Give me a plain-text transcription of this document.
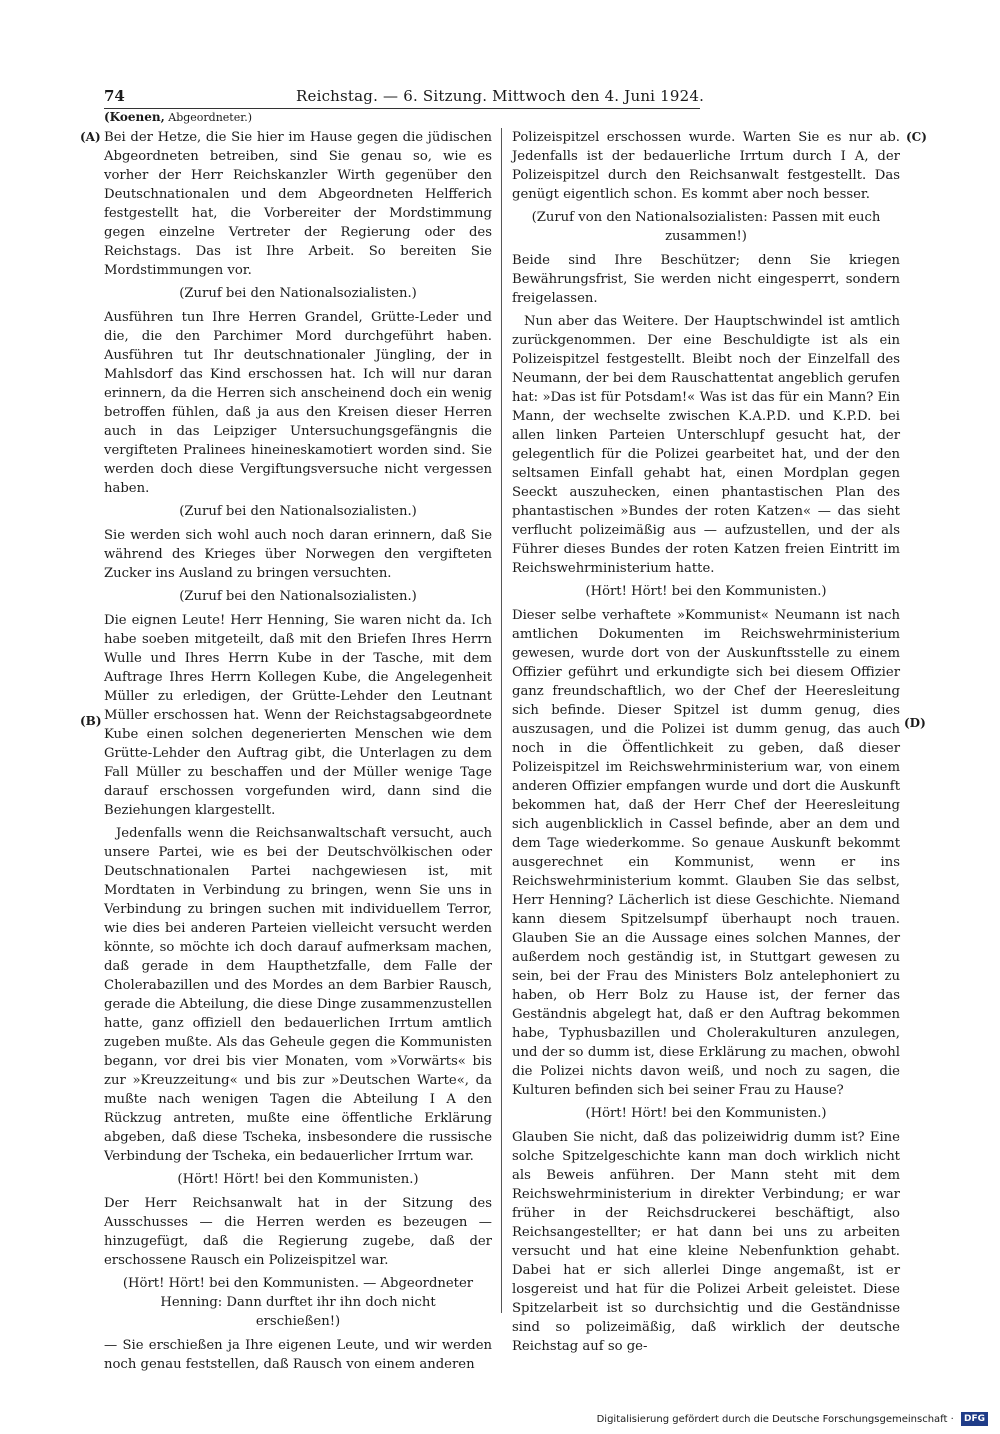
74	Reichstag. — 6. Sitzung. Mittwoch den 4. Juni 1924.
(Koenen, Abgeordneter.)
(A)
(B)
(C)
(D)

Bei der Hetze, die Sie hier im Hause gegen die jüdischen Abgeordneten betreiben, sind Sie genau so, wie es vorher der Herr Reichskanzler Wirth gegenüber den Deutschnationalen und dem Abgeordneten Helfferich festgestellt hat, die Vorbereiter der Mordstimmung gegen einzelne Vertreter der Regierung oder des Reichstags. Das ist Ihre Arbeit. So bereiten Sie Mordstimmungen vor.

(Zuruf bei den Nationalsozialisten.)

Ausführen tun Ihre Herren Grandel, Grütte-Leder und die, die den Parchimer Mord durchgeführt haben. Ausführen tut Ihr deutschnationaler Jüngling, der in Mahlsdorf das Kind erschossen hat. Ich will nur daran erinnern, da die Herren sich anscheinend doch ein wenig betroffen fühlen, daß ja aus den Kreisen dieser Herren auch in das Leipziger Untersuchungsgefängnis die vergifteten Pralinees hineineskamotiert worden sind. Sie werden doch diese Vergiftungsversuche nicht vergessen haben.

(Zuruf bei den Nationalsozialisten.)

Sie werden sich wohl auch noch daran erinnern, daß Sie während des Krieges über Norwegen den vergifteten Zucker ins Ausland zu bringen versuchten.

(Zuruf bei den Nationalsozialisten.)

Die eignen Leute! Herr Henning, Sie waren nicht da. Ich habe soeben mitgeteilt, daß mit den Briefen Ihres Herrn Wulle und Ihres Herrn Kube in der Tasche, mit dem Auftrage Ihres Herrn Kollegen Kube, die Angelegenheit Müller zu erledigen, der Grütte-Lehder den Leutnant Müller erschossen hat. Wenn der Reichstagsabgeordnete Kube einen solchen degenerierten Menschen wie dem Grütte-Lehder den Auftrag gibt, die Unterlagen zu dem Fall Müller zu beschaffen und der Müller wenige Tage darauf erschossen vorgefunden wird, dann sind die Beziehungen klargestellt.

Jedenfalls wenn die Reichsanwaltschaft versucht, auch unsere Partei, wie es bei der Deutschvölkischen oder Deutschnationalen Partei nachgewiesen ist, mit Mordtaten in Verbindung zu bringen, wenn Sie uns in Verbindung zu bringen suchen mit individuellem Terror, wie dies bei anderen Parteien vielleicht versucht werden könnte, so möchte ich doch darauf aufmerksam machen, daß gerade in dem Haupthetzfalle, dem Falle der Cholerabazillen und des Mordes an dem Barbier Rausch, gerade die Abteilung, die diese Dinge zusammenzustellen hatte, ganz offiziell den bedauerlichen Irrtum amtlich zugeben mußte. Als das Geheule gegen die Kommunisten begann, vor drei bis vier Monaten, vom »Vorwärts« bis zur »Kreuzzeitung« und bis zur »Deutschen Warte«, da mußte nach wenigen Tagen die Abteilung I A den Rückzug antreten, mußte eine öffentliche Erklärung abgeben, daß diese Tscheka, insbesondere die russische Verbindung der Tscheka, ein bedauerlicher Irrtum war.

(Hört! Hört! bei den Kommunisten.)

Der Herr Reichsanwalt hat in der Sitzung des Ausschusses — die Herren werden es bezeugen — hinzugefügt, daß die Regierung zugebe, daß der erschossene Rausch ein Polizeispitzel war.

(Hört! Hört! bei den Kommunisten. — Abgeordneter Henning: Dann durftet ihr ihn doch nicht erschießen!)

— Sie erschießen ja Ihre eigenen Leute, und wir werden noch genau feststellen, daß Rausch von einem anderen

Polizeispitzel erschossen wurde. Warten Sie es nur ab. Jedenfalls ist der bedauerliche Irrtum durch I A, der Polizeispitzel durch den Reichsanwalt festgestellt. Das genügt eigentlich schon. Es kommt aber noch besser.

(Zuruf von den Nationalsozialisten: Passen mit euch zusammen!)

Beide sind Ihre Beschützer; denn Sie kriegen Bewährungsfrist, Sie werden nicht eingesperrt, sondern freigelassen.

Nun aber das Weitere. Der Hauptschwindel ist amtlich zurückgenommen. Der eine Beschuldigte ist als ein Polizeispitzel festgestellt. Bleibt noch der Einzelfall des Neumann, der bei dem Rauschattentat angeblich gerufen hat: »Das ist für Potsdam!« Was ist das für ein Mann? Ein Mann, der wechselte zwischen K.A.P.D. und K.P.D. bei allen linken Parteien Unterschlupf gesucht hat, der gelegentlich für die Polizei gearbeitet hat, und der den seltsamen Einfall gehabt hat, einen Mordplan gegen Seeckt auszuhecken, einen phantastischen Plan des phantastischen »Bundes der roten Katzen« — das sieht verflucht polizeimäßig aus — aufzustellen, und der als Führer dieses Bundes der roten Katzen freien Eintritt im Reichswehrministerium hatte.

(Hört! Hört! bei den Kommunisten.)

Dieser selbe verhaftete »Kommunist« Neumann ist nach amtlichen Dokumenten im Reichswehrministerium gewesen, wurde dort von der Auskunftsstelle zu einem Offizier geführt und erkundigte sich bei diesem Offizier ganz freundschaftlich, wo der Chef der Heeresleitung sich befinde. Dieser Spitzel ist dumm genug, dies auszusagen, und die Polizei ist dumm genug, das auch noch in die Öffentlichkeit zu geben, daß dieser Polizeispitzel im Reichswehrministerium war, von einem anderen Offizier empfangen wurde und dort die Auskunft bekommen hat, daß der Herr Chef der Heeresleitung sich augenblicklich in Cassel befinde, aber an dem und dem Tage wiederkomme. So genaue Auskunft bekommt ausgerechnet ein Kommunist, wenn er ins Reichswehrministerium kommt. Glauben Sie das selbst, Herr Henning? Lächerlich ist diese Geschichte. Niemand kann diesem Spitzelsumpf überhaupt noch trauen. Glauben Sie an die Aussage eines solchen Mannes, der außerdem noch geständig ist, in Stuttgart gewesen zu sein, bei der Frau des Ministers Bolz antelephoniert zu haben, ob Herr Bolz zu Hause ist, der ferner das Geständnis abgelegt hat, daß er den Auftrag bekommen habe, Typhusbazillen und Cholerakulturen anzulegen, und der so dumm ist, diese Erklärung zu machen, obwohl die Polizei nichts davon weiß, und noch zu sagen, die Kulturen befinden sich bei seiner Frau zu Hause?

(Hört! Hört! bei den Kommunisten.)

Glauben Sie nicht, daß das polizeiwidrig dumm ist? Eine solche Spitzelgeschichte kann man doch wirklich nicht als Beweis anführen. Der Mann steht mit dem Reichswehrministerium in direkter Verbindung; er war früher in der Reichsdruckerei beschäftigt, also Reichsangestellter; er hat dann bei uns zu arbeiten versucht und hat eine kleine Nebenfunktion gehabt. Dabei hat er sich allerlei Dinge angemaßt, ist er losgereist und hat für die Polizei Arbeit geleistet. Diese Spitzelarbeit ist so durchsichtig und die Geständnisse sind so polizeimäßig, daß wirklich der deutsche Reichstag auf so ge-

Digitalisierung gefördert durch die Deutsche Forschungsgemeinschaft · DFG
